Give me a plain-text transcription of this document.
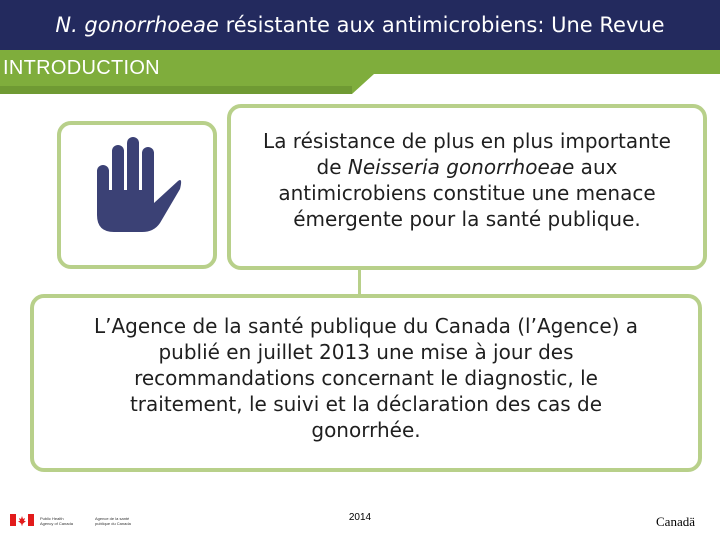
N. gonorrhoeae résistante aux antimicrobiens: Une Revue
INTRODUCTION
La résistance de plus en plus importante
de Neisseria gonorrhoeae aux
antimicrobiens constitue une menace
émergente pour la santé publique.
L’Agence de la santé publique du Canada (l’Agence) a
publié en juillet 2013 une mise à jour des
recommandations concernant le diagnostic, le
traitement, le suivi et la déclaration des cas de
gonorrhée.
Public Health
Agency of Canada
Agence de la santé
publique du Canada
2014	Canadä
